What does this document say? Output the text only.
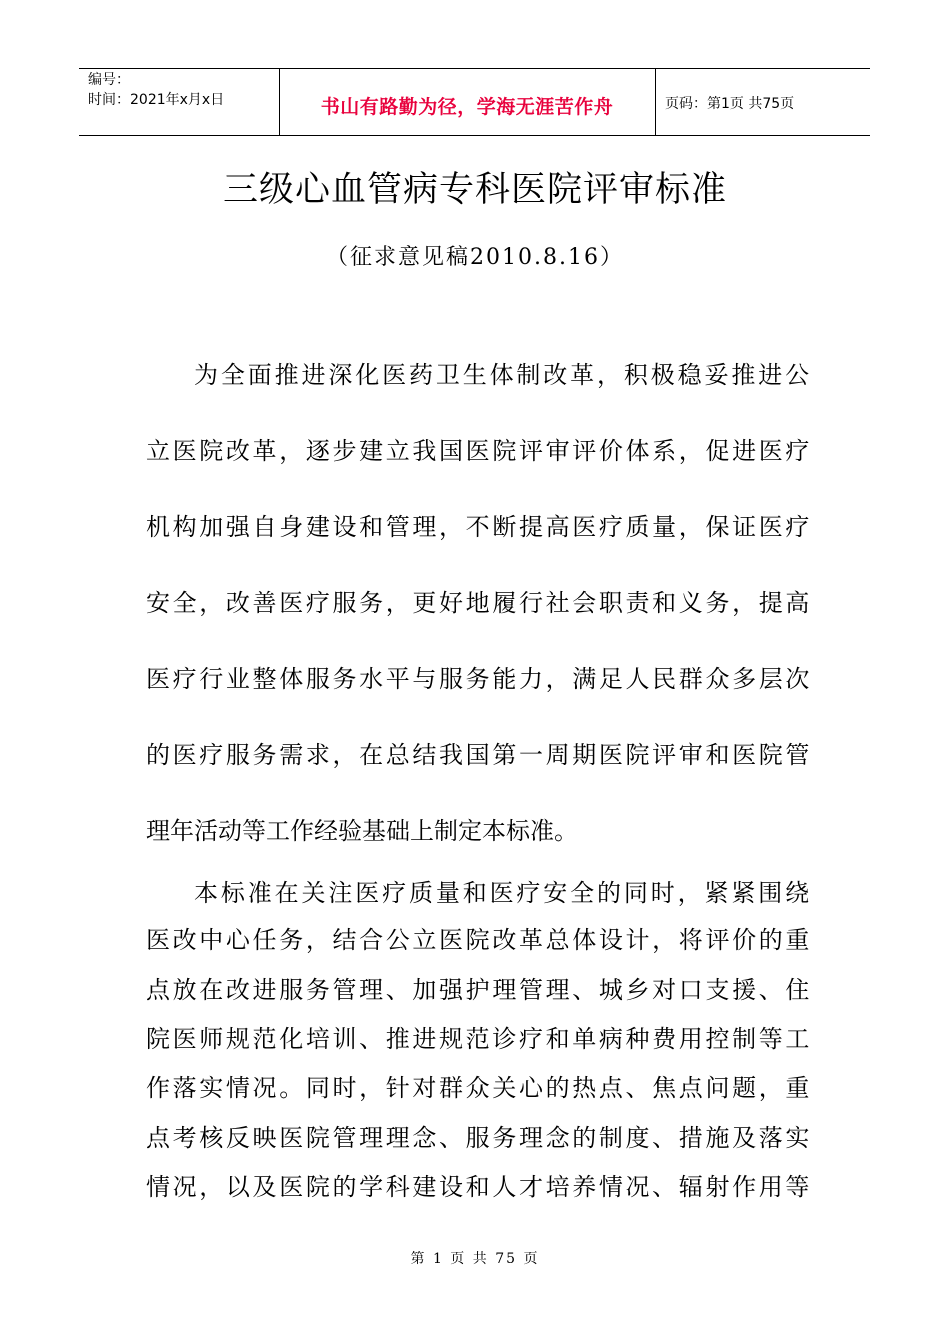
编号：
时间：2021年x月x日	书山有路勤为径，学海无涯苦作舟	页码：第1页 共75页
三级心血管病专科医院评审标准
（征求意见稿2010.8.16）
为全面推进深化医药卫生体制改革，积极稳妥推进公
立医院改革，逐步建立我国医院评审评价体系，促进医疗
机构加强自身建设和管理，不断提高医疗质量，保证医疗
安全，改善医疗服务，更好地履行社会职责和义务，提高
医疗行业整体服务水平与服务能力，满足人民群众多层次
的医疗服务需求，在总结我国第一周期医院评审和医院管
理年活动等工作经验基础上制定本标准。
本标准在关注医疗质量和医疗安全的同时，紧紧围绕
医改中心任务，结合公立医院改革总体设计，将评价的重
点放在改进服务管理、加强护理管理、城乡对口支援、住
院医师规范化培训、推进规范诊疗和单病种费用控制等工
作落实情况。同时，针对群众关心的热点、焦点问题，重
点考核反映医院管理理念、服务理念的制度、措施及落实
情况，以及医院的学科建设和人才培养情况、辐射作用等
第 1 页 共 75 页
